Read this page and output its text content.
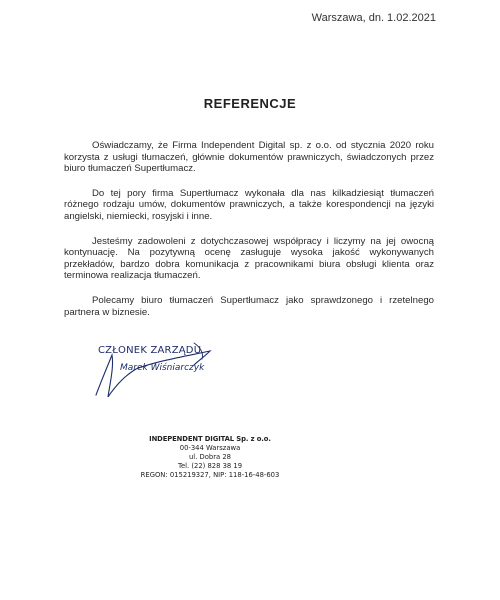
Warszawa, dn. 1.02.2021
REFERENCJE

Oświadczamy, że Firma Independent Digital sp. z o.o. od stycznia 2020 roku korzysta z usługi tłumaczeń, głównie dokumentów prawniczych, świadczonych przez biuro tłumaczeń Supertłumacz.

Do tej pory firma Supertłumacz wykonała dla nas kilkadziesiąt tłumaczeń różnego rodzaju umów, dokumentów prawniczych, a także korespondencji na języki angielski, niemiecki, rosyjski i inne.

Jesteśmy zadowoleni z dotychczasowej współpracy i liczymy na jej owocną kontynuację. Na pozytywną ocenę zasługuje wysoka jakość wykonywanych przekładów, bardzo dobra komunikacja z pracownikami biura obsługi klienta oraz terminowa realizacja tłumaczeń.

Polecamy biuro tłumaczeń Supertłumacz jako sprawdzonego i rzetelnego partnera w biznesie.

CZŁONEK ZARZĄDU
Marek Wiśniarczyk
INDEPENDENT DIGITAL Sp. z o.o.
00-344 Warszawa
ul. Dobra 28
Tel. (22) 828 38 19
REGON: 015219327, NIP: 118-16-48-603
